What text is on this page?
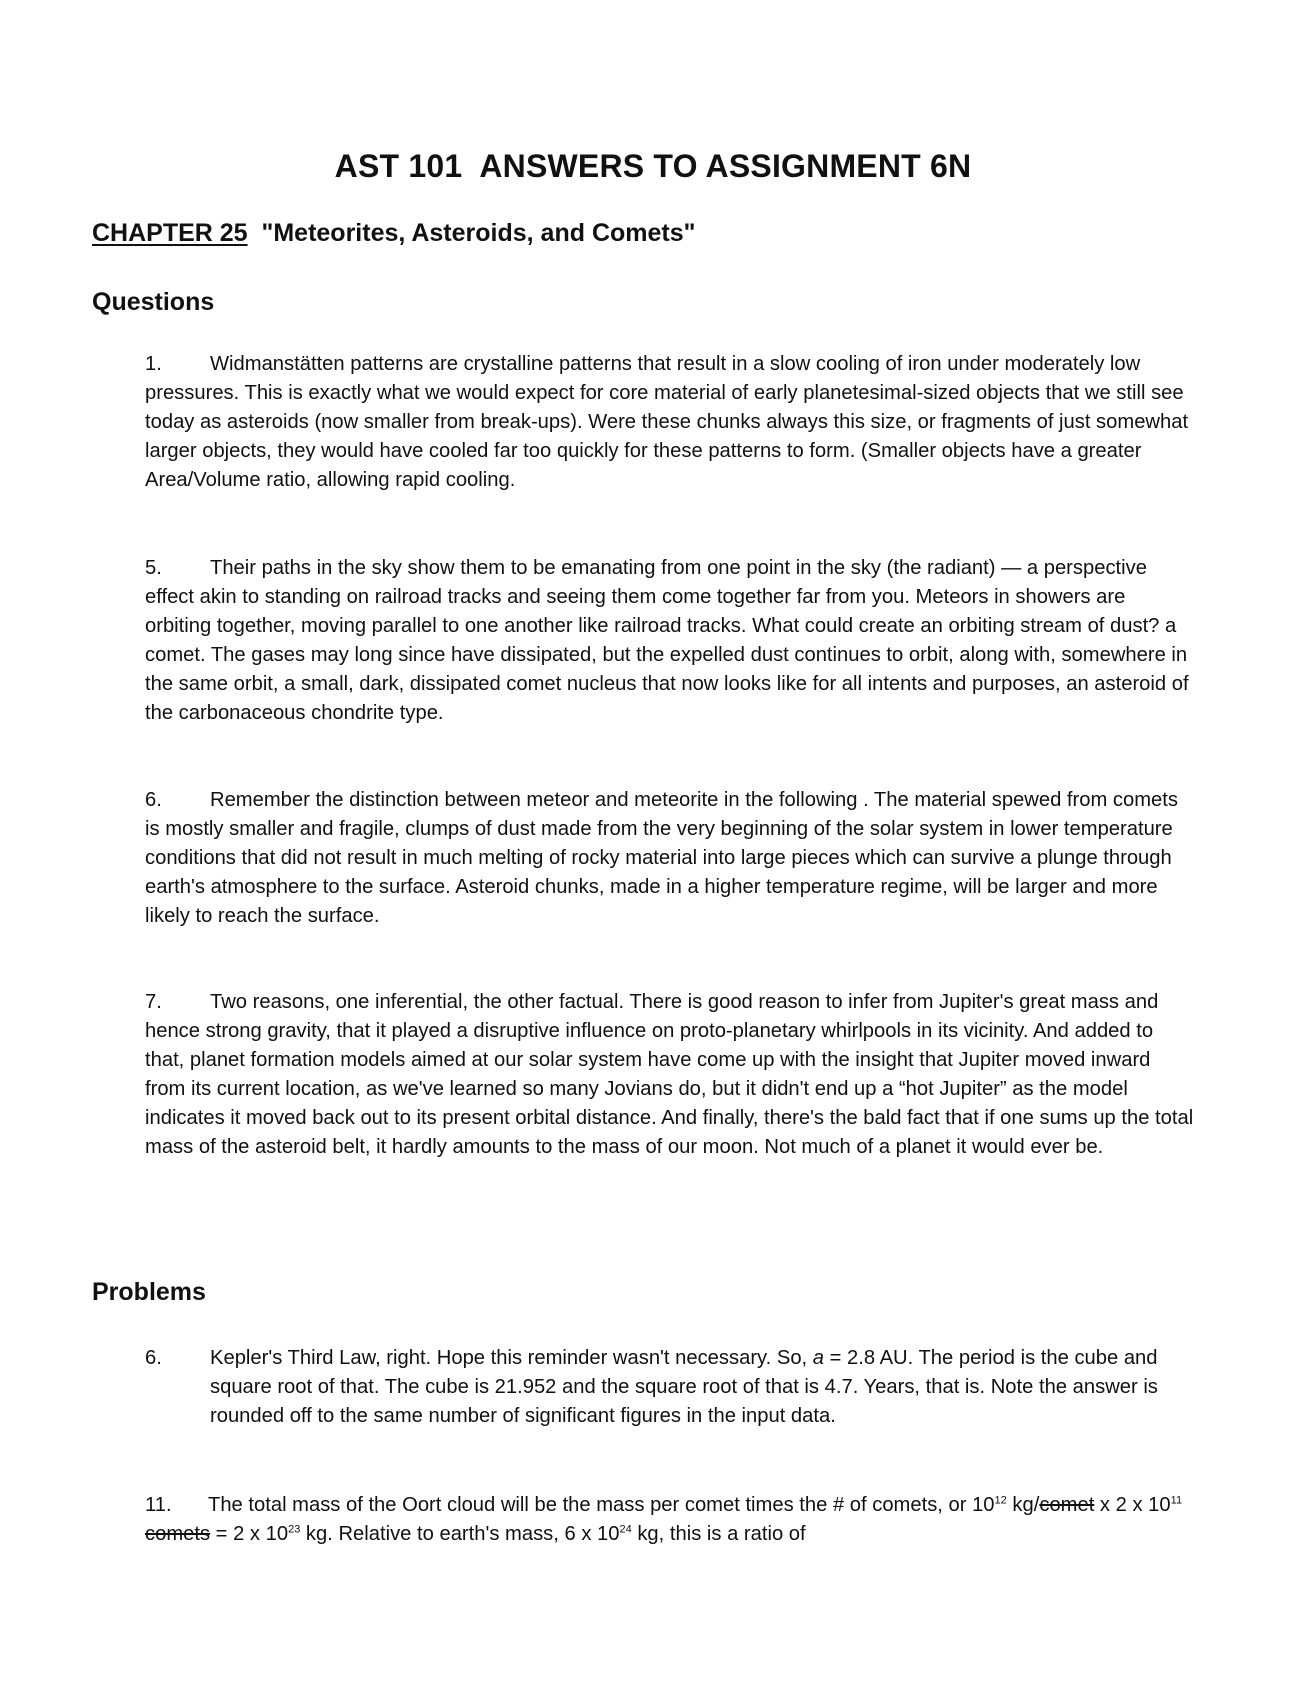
AST 101  ANSWERS TO ASSIGNMENT 6N
CHAPTER 25 "Meteorites, Asteroids, and Comets"
Questions

1. Widmanstätten patterns are crystalline patterns that result in a slow cooling of iron under moderately low pressures. This is exactly what we would expect for core material of early planetesimal-sized objects that we still see today as asteroids (now smaller from break-ups). Were these chunks always this size, or fragments of just somewhat larger objects, they would have cooled far too quickly for these patterns to form. (Smaller objects have a greater Area/Volume ratio, allowing rapid cooling.

5. Their paths in the sky show them to be emanating from one point in the sky (the radiant) — a perspective effect akin to standing on railroad tracks and seeing them come together far from you. Meteors in showers are orbiting together, moving parallel to one another like railroad tracks. What could create an orbiting stream of dust? a comet. The gases may long since have dissipated, but the expelled dust continues to orbit, along with, somewhere in the same orbit, a small, dark, dissipated comet nucleus that now looks like for all intents and purposes, an asteroid of the carbonaceous chondrite type.

6. Remember the distinction between meteor and meteorite in the following . The material spewed from comets is mostly smaller and fragile, clumps of dust made from the very beginning of the solar system in lower temperature conditions that did not result in much melting of rocky material into large pieces which can survive a plunge through earth's atmosphere to the surface. Asteroid chunks, made in a higher temperature regime, will be larger and more likely to reach the surface.

7. Two reasons, one inferential, the other factual. There is good reason to infer from Jupiter's great mass and hence strong gravity, that it played a disruptive influence on proto-planetary whirlpools in its vicinity. And added to that, planet formation models aimed at our solar system have come up with the insight that Jupiter moved inward from its current location, as we've learned so many Jovians do, but it didn't end up a “hot Jupiter” as the model indicates it moved back out to its present orbital distance. And finally, there's the bald fact that if one sums up the total mass of the asteroid belt, it hardly amounts to the mass of our moon. Not much of a planet it would ever be.

Problems

6. Kepler's Third Law, right. Hope this reminder wasn't necessary. So, a = 2.8 AU. The period is the cube and square root of that. The cube is 21.952 and the square root of that is 4.7. Years, that is. Note the answer is rounded off to the same number of significant figures in the input data.

11. The total mass of the Oort cloud will be the mass per comet times the # of comets, or $10^{12}$ kg/comet x 2 x $10^{11}$ comets = 2 x $10^{23}$ kg. Relative to earth's mass, 6 x $10^{24}$ kg, this is a ratio of
